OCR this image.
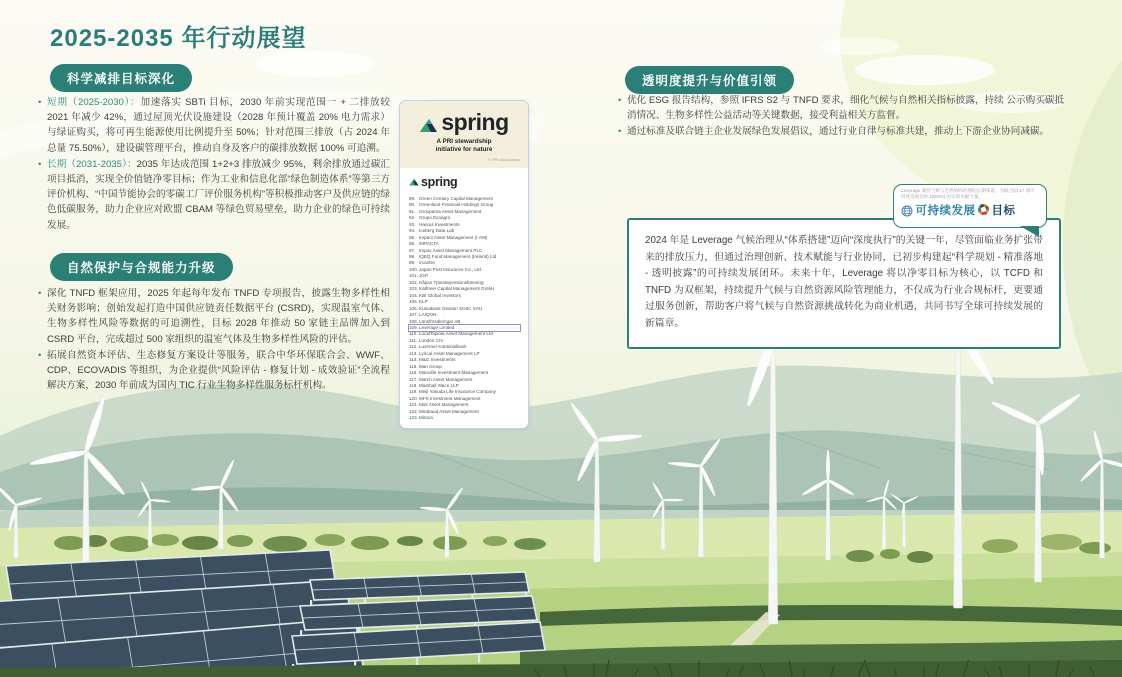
2025-2035 年行动展望
科学减排目标深化
• 短期（2025-2030）：加速落实 SBTi 目标，2030 年前实现范围一 + 二排放较 2021 年减少 42%，通过屋顶光伏设施建设（2028 年预计覆盖 20% 电力需求）与绿证购买，将可再生能源使用比例提升至 50%；针对范围三排放（占 2024 年总量 75.50%），建设碳管理平台，推动自身及客户的碳排放数据 100% 可追溯。
• 长期（2031-2035）：2035 年达成范围 1+2+3 排放减少 95%，剩余排放通过碳汇项目抵消，实现全价值链净零目标；作为工业和信息化部“绿色制造体系”等第三方评价机构、“中国节能协会的零碳工厂评价服务机构”等积极推动客户及供应链的绿色低碳服务，助力企业应对欧盟 CBAM 等绿色贸易壁垒，助力企业的绿色可持续发展。
自然保护与合规能力升级
• 深化 TNFD 框架应用，2025 年起每年发布 TNFD 专项报告，披露生物多样性相关财务影响；创始发起打造中国供应链责任数据平台 (CSRD)，实现温室气体、生物多样性风险等数据的可追溯性，目标 2028 年推动 50 家链主品牌加入到 CSRD 平台，完成超过 500 家组织的温室气体及生物多样性风险的评估。
• 拓展自然资本评估、生态修复方案设计等服务，联合中华环保联合会、WWF、CDP、ECOVADIS 等组织，为企业提供“风险评估 - 修复计划 - 成效验证”全流程解决方案，2030 年前成为国内 TIC 行业生物多样性服务标杆机构。
spring
A PRI stewardship
initiative for nature
© PRI Association
spring
89. Green Century Capital Management
90. Greenland Financial Holdings Group
91. Groupama Asset Management
92. Grupo Ecoagro
93. Hanoul Investments
94. Iceberg Data Lab
95. Impact Asset Management (I-AM)
96. IMPACTA
97. Impax Asset Management PLC
98. IQEQ Fund Management (Ireland) Ltd
99. Ircantec
100. Japan Post Insurance Co., Ltd.
101. JGP
102. Kåpan Tjänstepensionsförening
103. Kathrein Capital Management GmbH
104. KBI Global Investors
105. KLP
106. Kutxabank Gestion SGIIC SAU
107. LAIQON
108. Länsförsäkringar AB
109. Leverage Limited
110. LocalTapiola Asset Management Ltd
111. London CIV
112. Luzerner Kantonalbank
113. Lyrical Asset Management LP
114. M&G Investments
115. Man Group
116. Manulife Investment Management
117. March Asset Management
118. Marshall Wace LLP
119. Meiji Yasuda Life Insurance Company
120. MFS Investment Management
121. Mint Asset Management
122. Mirabaud Asset Management
123. Mirova
透明度提升与价值引领
• 优化 ESG 报告结构，参照 IFRS S2 与 TNFD 要求，细化气候与自然相关指标披露，持续 公示购买碳抵消情况、生物多样性公益活动等关键数据，接受利益相关方监督。
• 通过标准及联合链主企业发展绿色发展倡议，通过行业自律与标准共建，推动上下游企业协同减碳。
Leverage 秉持气候与自然协同治理的长期承诺，为联合国 17 项可持续发展目标 (SDGs) 的实现贡献力量。
可持续发展 目标
2024 年是 Leverage 气候治理从“体系搭建”迈向“深度执行”的关键一年，尽管面临业务扩张带来的排放压力，但通过治理创新、技术赋能与行业协同，已初步构建起“科学规划 - 精准落地 - 透明披露”的可持续发展闭环。未来十年，Leverage 将以净零目标为核心，以 TCFD 和 TNFD 为双框架，持续提升气候与自然资源风险管理能力，不仅成为行业合规标杆，更要通过服务创新，帮助客户将气候与自然资源挑战转化为商业机遇，共同书写全球可持续发展的新篇章。
